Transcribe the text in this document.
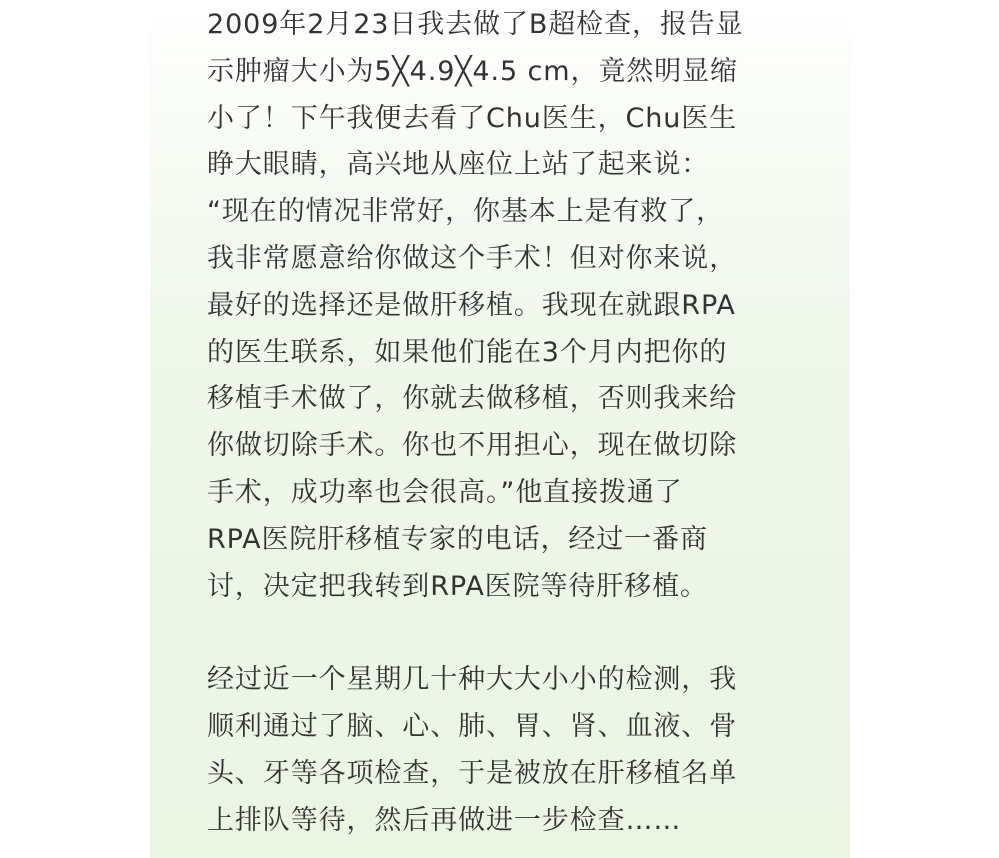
2009年2月23日我去做了B超检查，报告显
示肿瘤大小为5╳4.9╳4.5 cm，竟然明显缩
小了！下午我便去看了Chu医生，Chu医生
睁大眼睛，高兴地从座位上站了起来说：
“现在的情况非常好，你基本上是有救了，
我非常愿意给你做这个手术！但对你来说，
最好的选择还是做肝移植。我现在就跟RPA
的医生联系，如果他们能在3个月内把你的
移植手术做了，你就去做移植，否则我来给
你做切除手术。你也不用担心，现在做切除
手术，成功率也会很高。”他直接拨通了
RPA医院肝移植专家的电话，经过一番商
讨，决定把我转到RPA医院等待肝移植。
经过近一个星期几十种大大小小的检测，我
顺利通过了脑、心、肺、胃、肾、血液、骨
头、牙等各项检查，于是被放在肝移植名单
上排队等待，然后再做进一步检查……
